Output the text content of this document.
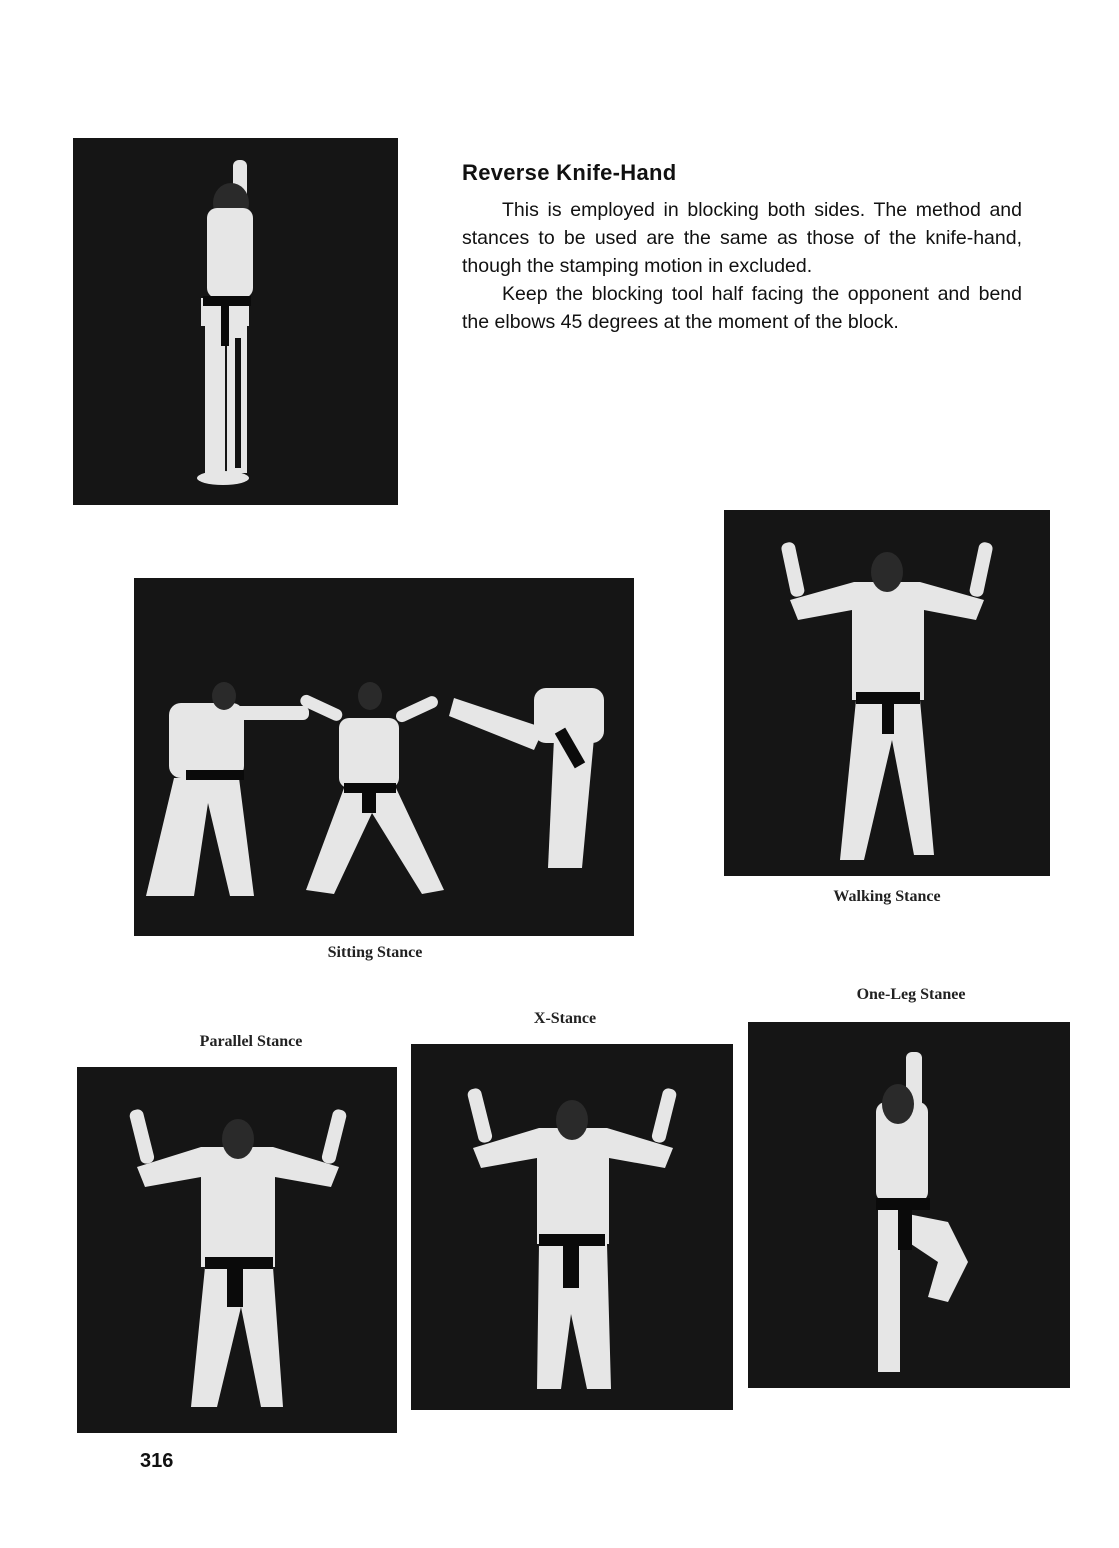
Reverse Knife-Hand

This is employed in blocking both sides. The method and stances to be used are the same as those of the knife-hand, though the stamping motion in excluded.

Keep the blocking tool half facing the opponent and bend the elbows 45 degrees at the moment of the block.

Sitting Stance
Walking Stance
Parallel Stance
X-Stance
One-Leg Stanee
316
